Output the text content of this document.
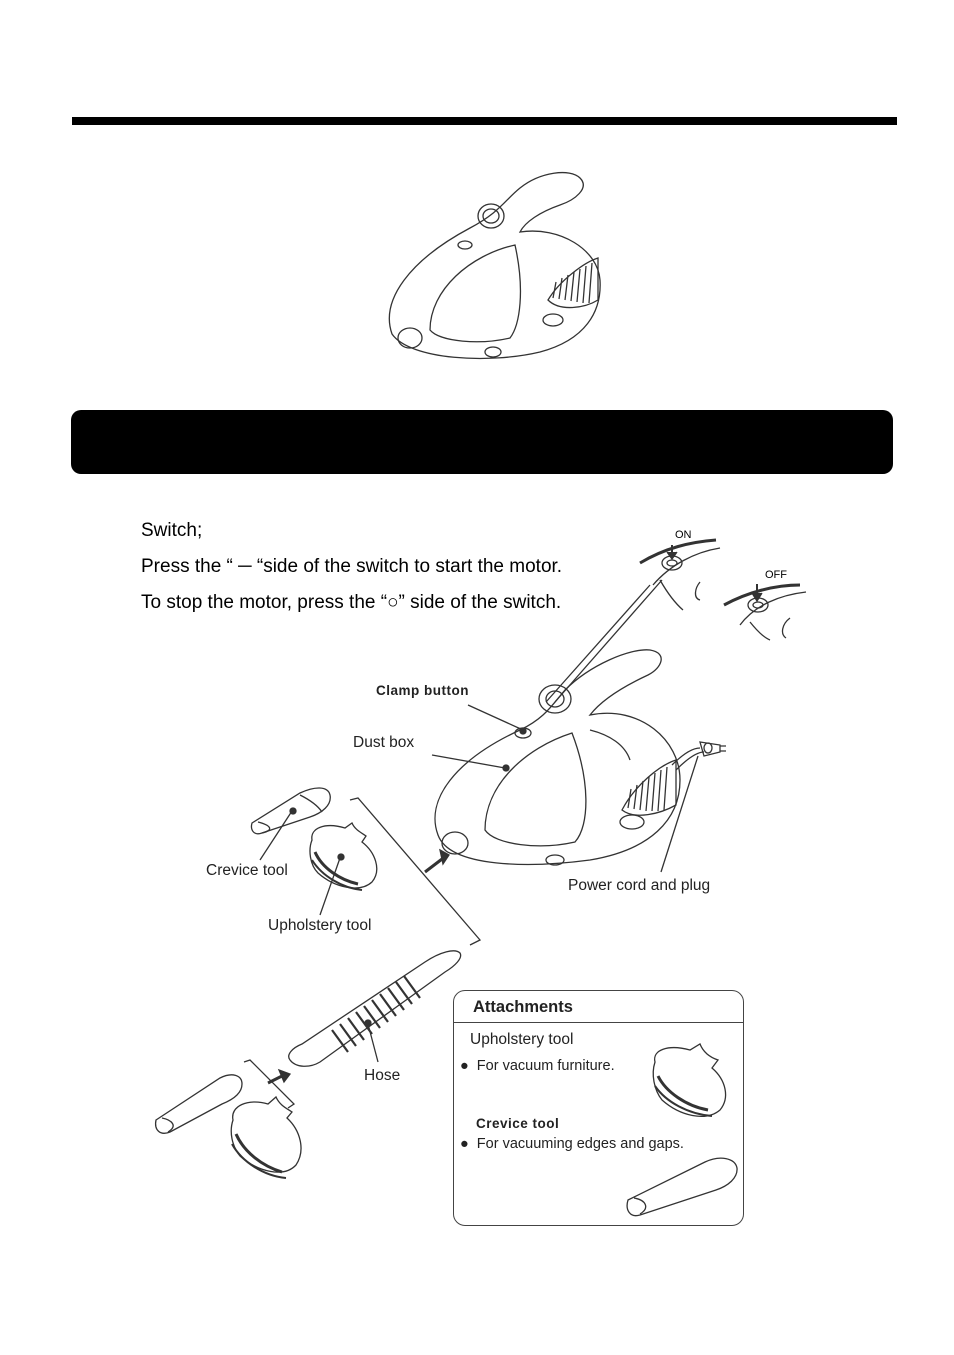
Switch;
Press the “ ─ “side of the switch to start the motor.
To stop the motor, press the “○” side of the switch.
ON
OFF
Clamp button
Dust box
Crevice tool
Power cord and plug
Upholstery tool
Hose
Attachments
Upholstery tool
● For vacuum furniture.
Crevice tool
● For vacuuming edges and gaps.
